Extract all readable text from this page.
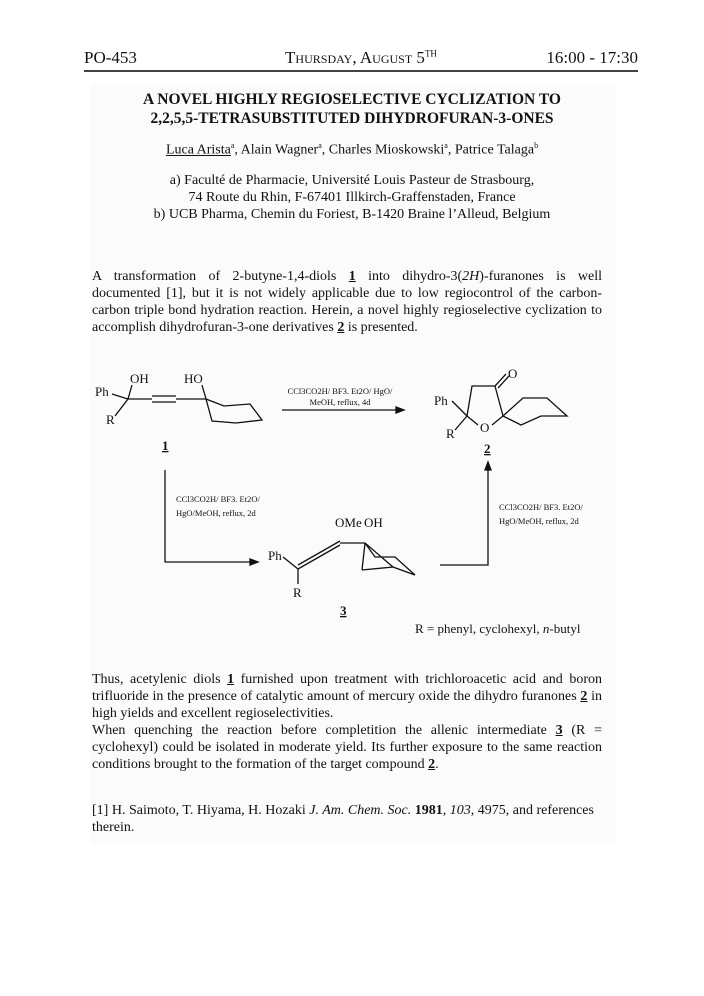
PO-453	Thursday, August 5TH	16:00 - 17:30
A NOVEL HIGHLY REGIOSELECTIVE CYCLIZATION TO
2,2,5,5-TETRASUBSTITUTED DIHYDROFURAN-3-ONES
Luca Arista$^a$, Alain Wagner$^a$, Charles Mioskowski$^a$, Patrice Talaga$^b$
a) Faculté de Pharmacie, Université Louis Pasteur de Strasbourg,
74 Route du Rhin, F-67401 Illkirch-Graffenstaden, France
b) UCB Pharma, Chemin du Foriest, B-1420 Braine l’Alleud, Belgium
A transformation of 2-butyne-1,4-diols 1 into dihydro-3(2H)-furanones is well documented [1], but it is not widely applicable due to low regiocontrol of the carbon-carbon triple bond hydration reaction. Herein, a novel highly regioselective cyclization to accomplish dihydrofuran-3-one derivatives 2 is presented.
Ph
OH
R
HO
1
Ph
R O
O
2
Ph
R
OMe OH
3
CCl3CO2H/ BF3. Et2O/ HgO/
MeOH, reflux, 4d
CCl3CO2H/ BF3. Et2O/
HgO/MeOH, reflux, 2d
CCl3CO2H/ BF3. Et2O/
HgO/MeOH, reflux, 2d
R = phenyl, cyclohexyl, n-butyl
Thus, acetylenic diols 1 furnished upon treatment with trichloroacetic acid and boron trifluoride in the presence of catalytic amount of mercury oxide the dihydro furanones 2 in high yields and excellent regioselectivities.
When quenching the reaction before completition the allenic intermediate 3 (R = cyclohexyl) could be isolated in moderate yield. Its further exposure to the same reaction conditions brought to the formation of the target compound 2.
[1] H. Saimoto, T. Hiyama, H. Hozaki J. Am. Chem. Soc. 1981, 103, 4975, and references therein.
